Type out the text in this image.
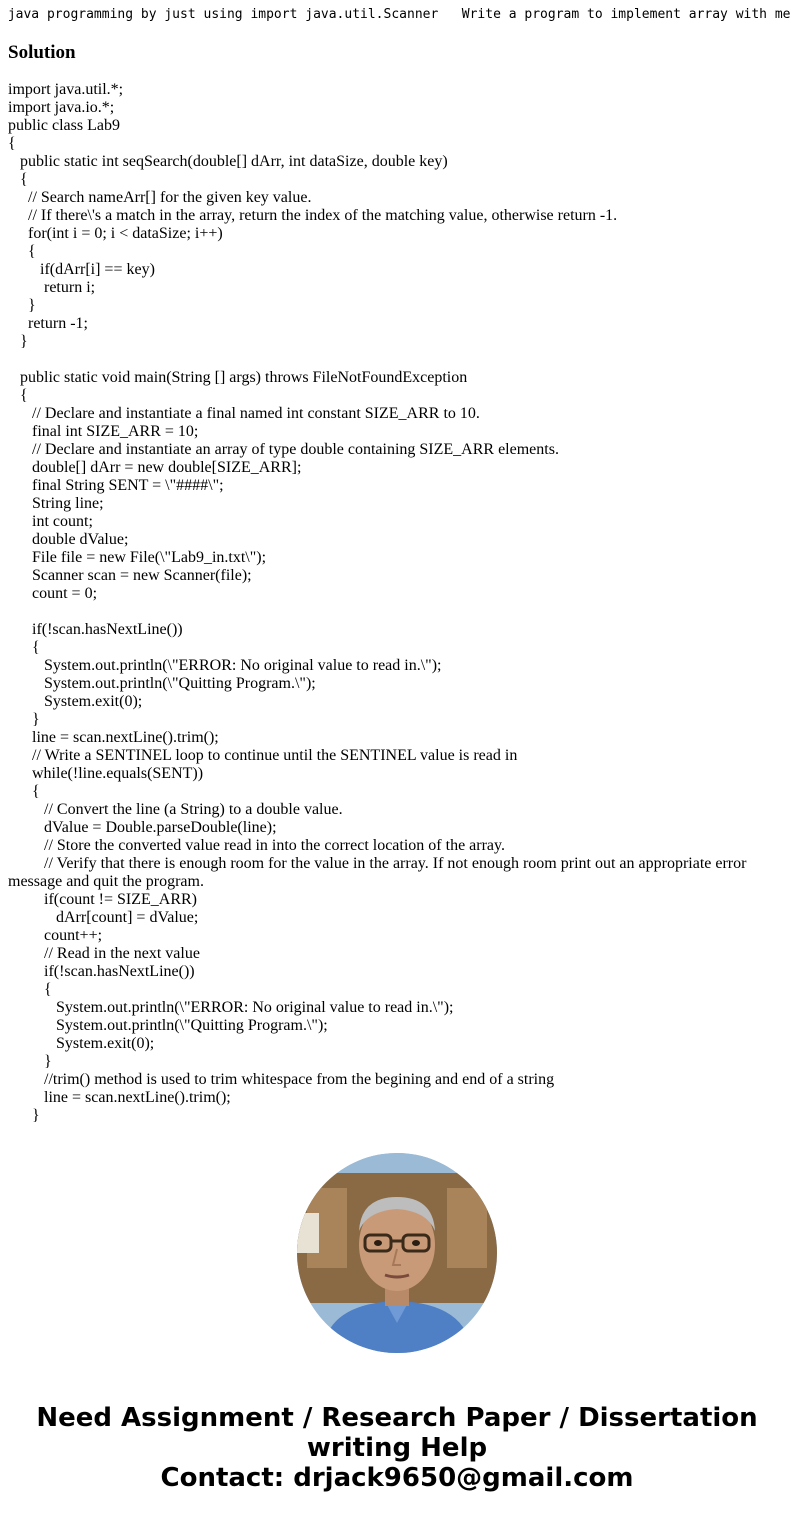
java programming by just using import java.util.Scanner   Write a program to implement array with me
Solution
import java.util.*;
import java.io.*;
public class Lab9
{
public static int seqSearch(double[] dArr, int dataSize, double key)
{
// Search nameArr[] for the given key value.
// If there\'s a match in the array, return the index of the matching value, otherwise return -1.
for(int i = 0; i < dataSize; i++)
{
if(dArr[i] == key)
return i;
}
return -1;
}
public static void main(String [] args) throws FileNotFoundException
{
// Declare and instantiate a final named int constant SIZE_ARR to 10.
final int SIZE_ARR = 10;
// Declare and instantiate an array of type double containing SIZE_ARR elements.
double[] dArr = new double[SIZE_ARR];
final String SENT = \"####\";
String line;
int count;
double dValue;
File file = new File(\"Lab9_in.txt\");
Scanner scan = new Scanner(file);
count = 0;
if(!scan.hasNextLine())
{
System.out.println(\"ERROR: No original value to read in.\");
System.out.println(\"Quitting Program.\");
System.exit(0);
}
line = scan.nextLine().trim();
// Write a SENTINEL loop to continue until the SENTINEL value is read in
while(!line.equals(SENT))
{
// Convert the line (a String) to a double value.
dValue = Double.parseDouble(line);
// Store the converted value read in into the correct location of the array.
// Verify that there is enough room for the value in the array. If not enough room print out an appropriate error message and quit the program.
if(count != SIZE_ARR)
dArr[count] = dValue;
count++;
// Read in the next value
if(!scan.hasNextLine())
{
System.out.println(\"ERROR: No original value to read in.\");
System.out.println(\"Quitting Program.\");
System.exit(0);
}
//trim() method is used to trim whitespace from the begining and end of a string
line = scan.nextLine().trim();
}
Need Assignment / Research Paper / Dissertation
writing Help
Contact: drjack9650@gmail.com
